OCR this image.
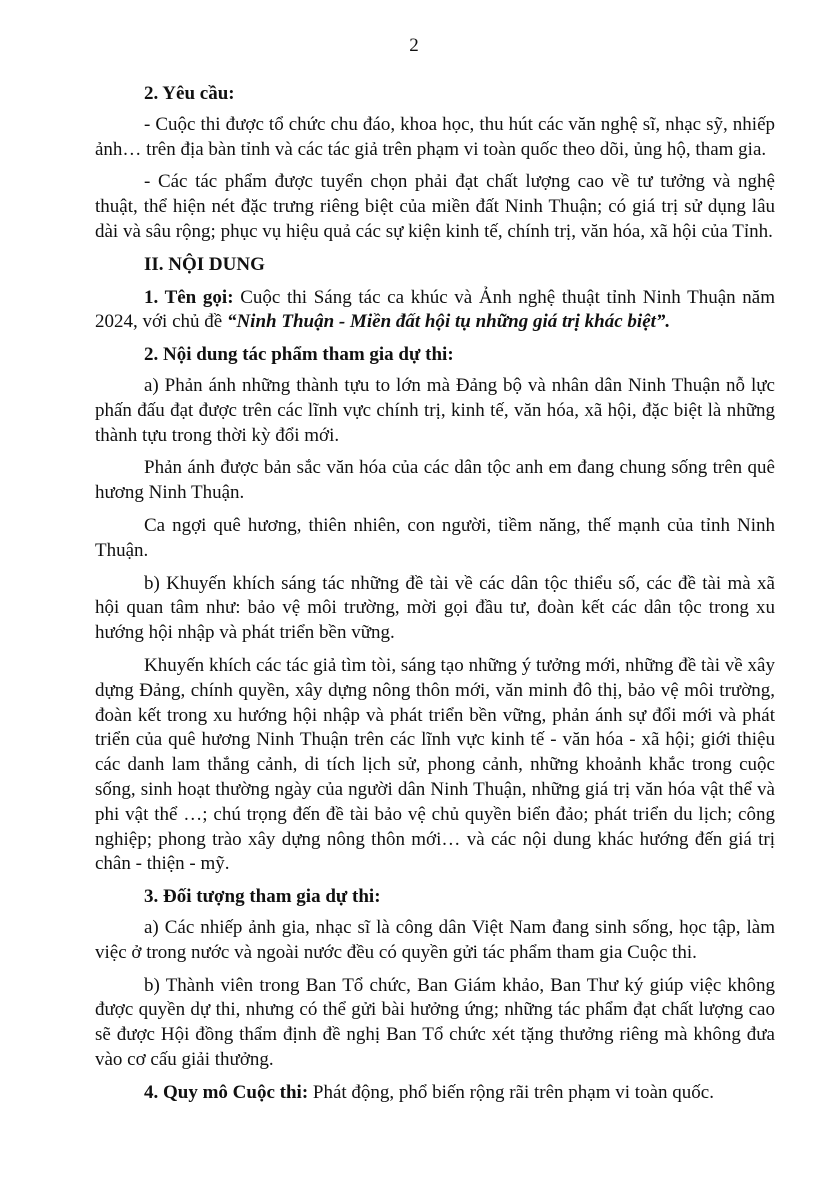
2

2. Yêu cầu:

- Cuộc thi được tổ chức chu đáo, khoa học, thu hút các văn nghệ sĩ, nhạc sỹ, nhiếp ảnh… trên địa bàn tỉnh và các tác giả trên phạm vi toàn quốc theo dõi, ủng hộ, tham gia.

- Các tác phẩm được tuyển chọn phải đạt chất lượng cao về tư tưởng và nghệ thuật, thể hiện nét đặc trưng riêng biệt của miền đất Ninh Thuận; có giá trị sử dụng lâu dài và sâu rộng; phục vụ hiệu quả các sự kiện kinh tế, chính trị, văn hóa, xã hội của Tỉnh.

II. NỘI DUNG

1. Tên gọi: Cuộc thi Sáng tác ca khúc và Ảnh nghệ thuật tỉnh Ninh Thuận năm 2024, với chủ đề “Ninh Thuận - Miền đất hội tụ những giá trị khác biệt”.

2. Nội dung tác phẩm tham gia dự thi:

a) Phản ánh những thành tựu to lớn mà Đảng bộ và nhân dân Ninh Thuận nỗ lực phấn đấu đạt được trên các lĩnh vực chính trị, kinh tế, văn hóa, xã hội, đặc biệt là những thành tựu trong thời kỳ đổi mới.

Phản ánh được bản sắc văn hóa của các dân tộc anh em đang chung sống trên quê hương Ninh Thuận.

Ca ngợi quê hương, thiên nhiên, con người, tiềm năng, thế mạnh của tỉnh Ninh Thuận.

b) Khuyến khích sáng tác những đề tài về các dân tộc thiểu số, các đề tài mà xã hội quan tâm như: bảo vệ môi trường, mời gọi đầu tư, đoàn kết các dân tộc trong xu hướng hội nhập và phát triển bền vững.

Khuyến khích các tác giả tìm tòi, sáng tạo những ý tưởng mới, những đề tài về xây dựng Đảng, chính quyền, xây dựng nông thôn mới, văn minh đô thị, bảo vệ môi trường, đoàn kết trong xu hướng hội nhập và phát triển bền vững, phản ánh sự đổi mới và phát triển của quê hương Ninh Thuận trên các lĩnh vực kinh tế - văn hóa - xã hội; giới thiệu các danh lam thắng cảnh, di tích lịch sử, phong cảnh, những khoảnh khắc trong cuộc sống, sinh hoạt thường ngày của người dân Ninh Thuận, những giá trị văn hóa vật thể và phi vật thể …; chú trọng đến đề tài bảo vệ chủ quyền biển đảo; phát triển du lịch; công nghiệp; phong trào xây dựng nông thôn mới… và các nội dung khác hướng đến giá trị chân - thiện - mỹ.

3. Đối tượng tham gia dự thi:

a) Các nhiếp ảnh gia, nhạc sĩ là công dân Việt Nam đang sinh sống, học tập, làm việc ở trong nước và ngoài nước đều có quyền gửi tác phẩm tham gia Cuộc thi.

b) Thành viên trong Ban Tổ chức, Ban Giám khảo, Ban Thư ký giúp việc không được quyền dự thi, nhưng có thể gửi bài hưởng ứng; những tác phẩm đạt chất lượng cao sẽ được Hội đồng thẩm định đề nghị Ban Tổ chức xét tặng thưởng riêng mà không đưa vào cơ cấu giải thưởng.

4. Quy mô Cuộc thi: Phát động, phổ biến rộng rãi trên phạm vi toàn quốc.
